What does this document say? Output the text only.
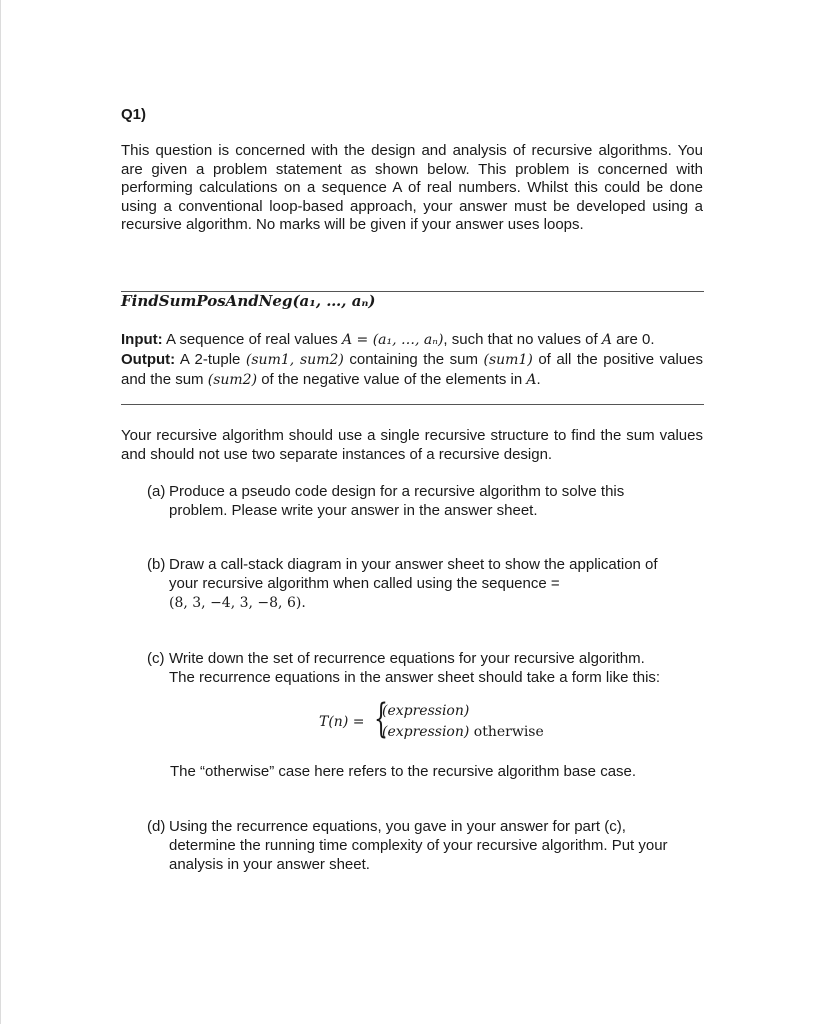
Q1)
This question is concerned with the design and analysis of recursive algorithms. You are given a problem statement as shown below. This problem is concerned with performing calculations on a sequence A of real numbers. Whilst this could be done using a conventional loop-based approach, your answer must be developed using a recursive algorithm. No marks will be given if your answer uses loops.
FindSumPosAndNeg(a₁, …, aₙ)
Input: A sequence of real values A = (a₁, …, aₙ), such that no values of A are 0.
Output: A 2-tuple (sum1, sum2) containing the sum (sum1) of all the positive values and the sum (sum2) of the negative value of the elements in A.
Your recursive algorithm should use a single recursive structure to find the sum values and should not use two separate instances of a recursive design.
(a) Produce a pseudo code design for a recursive algorithm to solve this
problem. Please write your answer in the answer sheet.
(b) Draw a call-stack diagram in your answer sheet to show the application of
your recursive algorithm when called using the sequence =
(8, 3, −4, 3, −8, 6).
(c) Write down the set of recurrence equations for your recursive algorithm.
The recurrence equations in the answer sheet should take a form like this:
T(n) = {
(expression)
(expression) otherwise
The “otherwise” case here refers to the recursive algorithm base case.
(d) Using the recurrence equations, you gave in your answer for part (c),
determine the running time complexity of your recursive algorithm. Put your
analysis in your answer sheet.
